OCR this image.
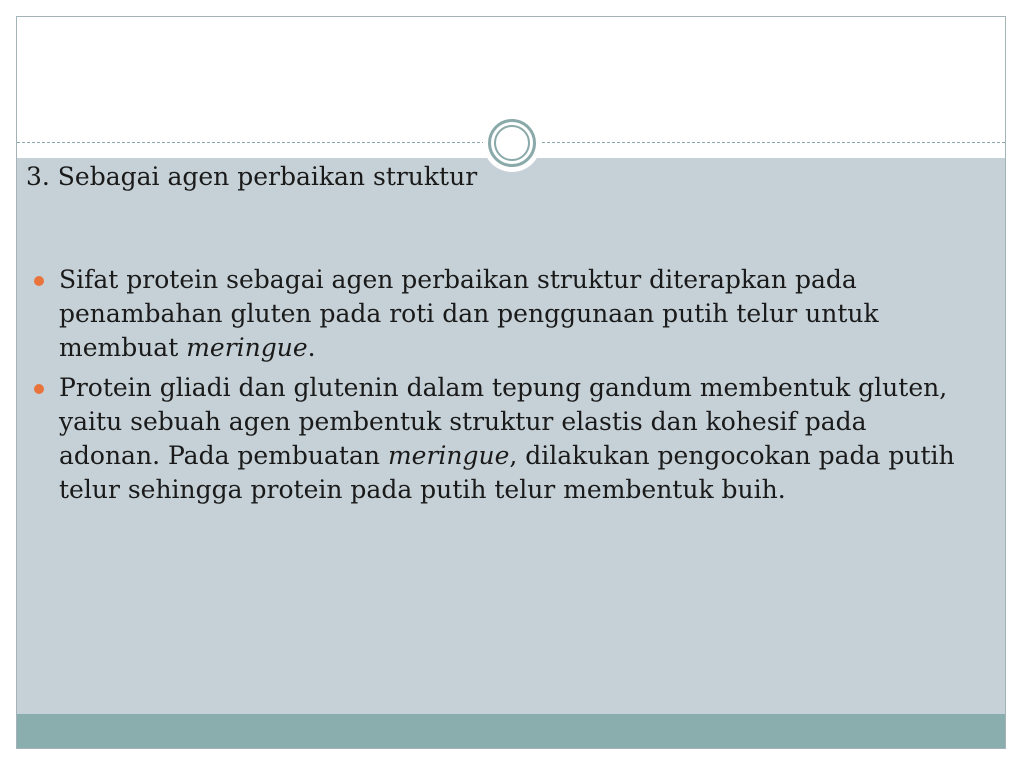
3. Sebagai agen perbaikan struktur
Sifat protein sebagai agen perbaikan struktur diterapkan pada penambahan gluten pada roti dan penggunaan putih telur untuk membuat meringue.
Protein gliadi dan glutenin dalam tepung gandum membentuk gluten, yaitu sebuah agen pembentuk struktur elastis dan kohesif pada adonan. Pada pembuatan meringue, dilakukan pengocokan pada putih telur sehingga protein pada putih telur membentuk buih.
